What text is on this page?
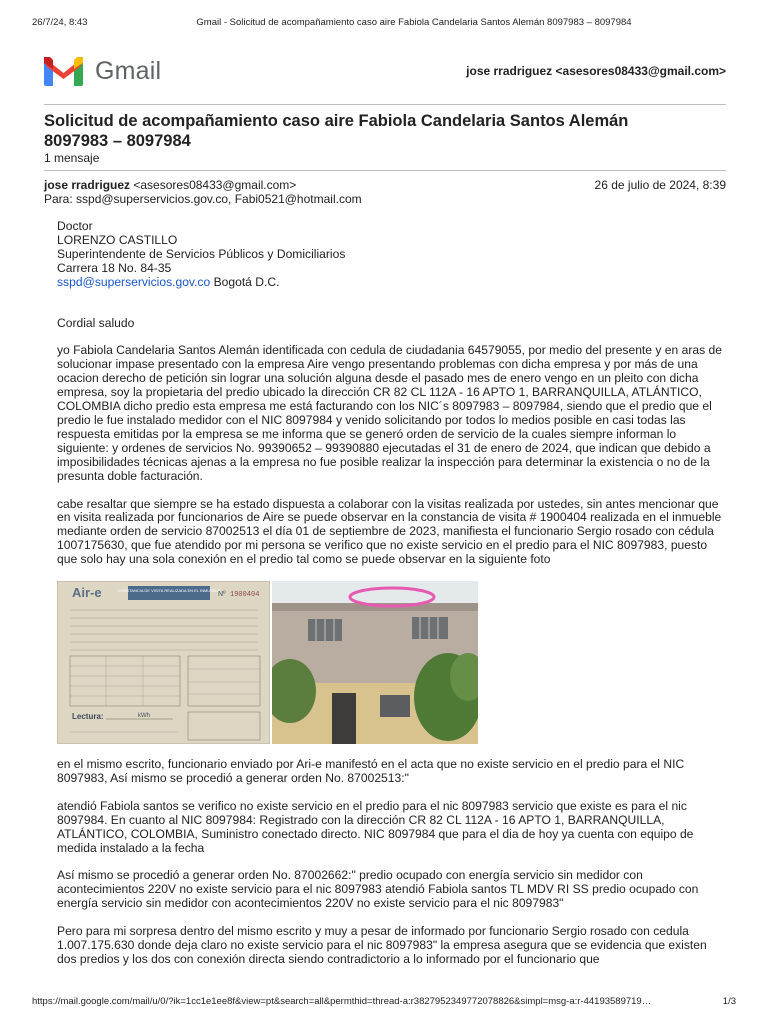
26/7/24, 8:43	Gmail - Solicitud de acompañamiento caso aire Fabiola Candelaria Santos Alemán 8097983 – 8097984
Gmail	jose rradriguez <asesores08433@gmail.com>
Solicitud de acompañamiento caso aire Fabiola Candelaria Santos Alemán
8097983 – 8097984
1 mensaje
jose rradriguez <asesores08433@gmail.com>	26 de julio de 2024, 8:39
Para: sspd@superservicios.gov.co, Fabi0521@hotmail.com
Doctor
LORENZO CASTILLO
Superintendente de Servicios Públicos y Domiciliarios
Carrera 18 No. 84-35
sspd@superservicios.gov.co Bogotá D.C.

Cordial saludo

yo Fabiola Candelaria Santos Alemán identificada con cedula de ciudadania 64579055, por medio del presente y en aras de solucionar impase presentado con la empresa Aire vengo presentando problemas con dicha empresa y por más de una ocacion derecho de petición sin lograr una solución alguna desde el pasado mes de enero vengo en un pleito con dicha empresa, soy la propietaria del predio ubicado la dirección CR 82 CL 112A - 16 APTO 1, BARRANQUILLA, ATLÁNTICO, COLOMBIA dicho predio esta empresa me está facturando con los NIC´s 8097983 – 8097984, siendo que el predio que el predio le fue instalado medidor con el NIC 8097984 y venido solicitando por todos lo medios posible en casi todas las respuesta emitidas por la empresa se me informa que se generó orden de servicio de la cuales siempre informan lo siguiente: y ordenes de servicios No. 99390652 – 99390880 ejecutadas el 31 de enero de 2024, que indican que debido a imposibilidades técnicas ajenas a la empresa no fue posible realizar la inspección para determinar la existencia o no de la presunta doble facturación.

cabe resaltar que siempre se ha estado dispuesta a colaborar con la visitas realizada por ustedes, sin antes mencionar que en visita realizada por funcionarios de Aire se puede observar en la constancia de visita # 1900404 realizada en el inmueble mediante orden de servicio 87002513 el día 01 de septiembre de 2023, manifiesta el funcionario Sergio rosado con cédula 1007175630, que fue atendido por mi persona se verifico que no existe servicio en el predio para el NIC 8097983, puesto que solo hay una sola conexión en el predio tal como se puede observar en la siguiente foto

Air-e	CONSTANCIA DE VISITA REALIZADA EN EL INMUEBLE
Nº 1900404
Lectura:	kWh

en el mismo escrito, funcionario enviado por Ari-e manifestó en el acta que no existe servicio en el predio para el NIC 8097983, Así mismo se procedió a generar orden No. 87002513:"

atendió Fabiola santos se verifico no existe servicio en el predio para el nic 8097983 servicio que existe es para el nic 8097984. En cuanto al NIC 8097984: Registrado con la dirección CR 82 CL 112A - 16 APTO 1, BARRANQUILLA, ATLÁNTICO, COLOMBIA, Suministro conectado directo. NIC 8097984 que para el dia de hoy ya cuenta con equipo de medida instalado a la fecha

Así mismo se procedió a generar orden No. 87002662:" predio ocupado con energía servicio sin medidor con acontecimientos 220V no existe servicio para el nic 8097983 atendió Fabiola santos TL MDV RI SS predio ocupado con energía servicio sin medidor con acontecimientos 220V no existe servicio para el nic 8097983"

Pero para mi sorpresa dentro del mismo escrito y muy a pesar de informado por funcionario Sergio rosado con cedula 1.007.175.630 donde deja claro no existe servicio para el nic 8097983" la empresa asegura que se evidencia que existen dos predios y los dos con conexión directa siendo contradictorio a lo informado por el funcionario que

https://mail.google.com/mail/u/0/?ik=1cc1e1ee8f&view=pt&search=all&permthid=thread-a:r3827952349772078826&simpl=msg-a:r-44193589719…	1/3
